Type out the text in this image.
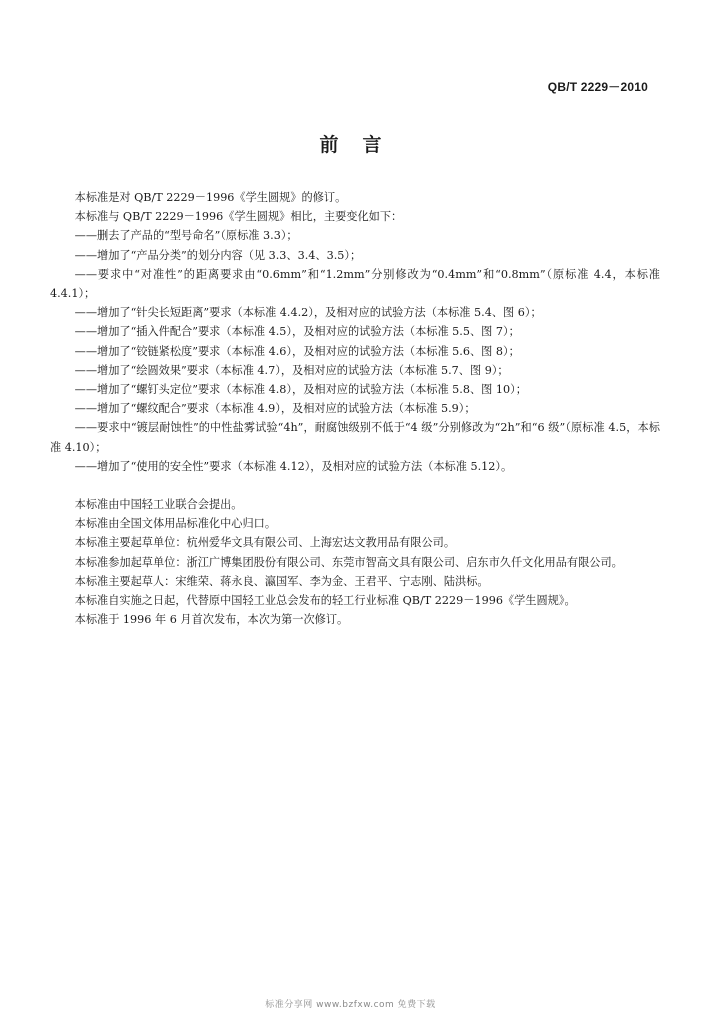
QB/T 2229－2010
前言

本标准是对 QB/T 2229－1996《学生圆规》的修订。

本标准与 QB/T 2229－1996《学生圆规》相比，主要变化如下：

——删去了产品的“型号命名”（原标准 3.3）；

——增加了“产品分类”的划分内容（见 3.3、3.4、3.5）；

——要求中“对准性”的距离要求由“0.6mm”和“1.2mm”分别修改为“0.4mm”和“0.8mm”（原标准 4.4，本标准 4.4.1）；

——增加了“针尖长短距离”要求（本标准 4.4.2），及相对应的试验方法（本标准 5.4、图 6）；

——增加了“插入件配合”要求（本标准 4.5），及相对应的试验方法（本标准 5.5、图 7）；

——增加了“铰链紧松度”要求（本标准 4.6），及相对应的试验方法（本标准 5.6、图 8）；

——增加了“绘圆效果”要求（本标准 4.7），及相对应的试验方法（本标准 5.7、图 9）；

——增加了“螺钉头定位”要求（本标准 4.8），及相对应的试验方法（本标准 5.8、图 10）；

——增加了“螺纹配合”要求（本标准 4.9），及相对应的试验方法（本标准 5.9）；

——要求中“镀层耐蚀性”的中性盐雾试验“4h”，耐腐蚀级别不低于“4 级”分别修改为“2h”和“6 级”（原标准 4.5，本标准 4.10）；

——增加了“使用的安全性”要求（本标准 4.12），及相对应的试验方法（本标准 5.12）。

本标准由中国轻工业联合会提出。

本标准由全国文体用品标准化中心归口。

本标准主要起草单位：杭州爱华文具有限公司、上海宏达文教用品有限公司。

本标准参加起草单位：浙江广博集团股份有限公司、东莞市智高文具有限公司、启东市久仟文化用品有限公司。

本标准主要起草人：宋维荣、蒋永良、瀛国军、李为金、王君平、宁志刚、陆洪标。

本标准自实施之日起，代替原中国轻工业总会发布的轻工行业标准 QB/T 2229－1996《学生圆规》。

本标准于 1996 年 6 月首次发布，本次为第一次修订。

标准分享网 www.bzfxw.com 免费下载
